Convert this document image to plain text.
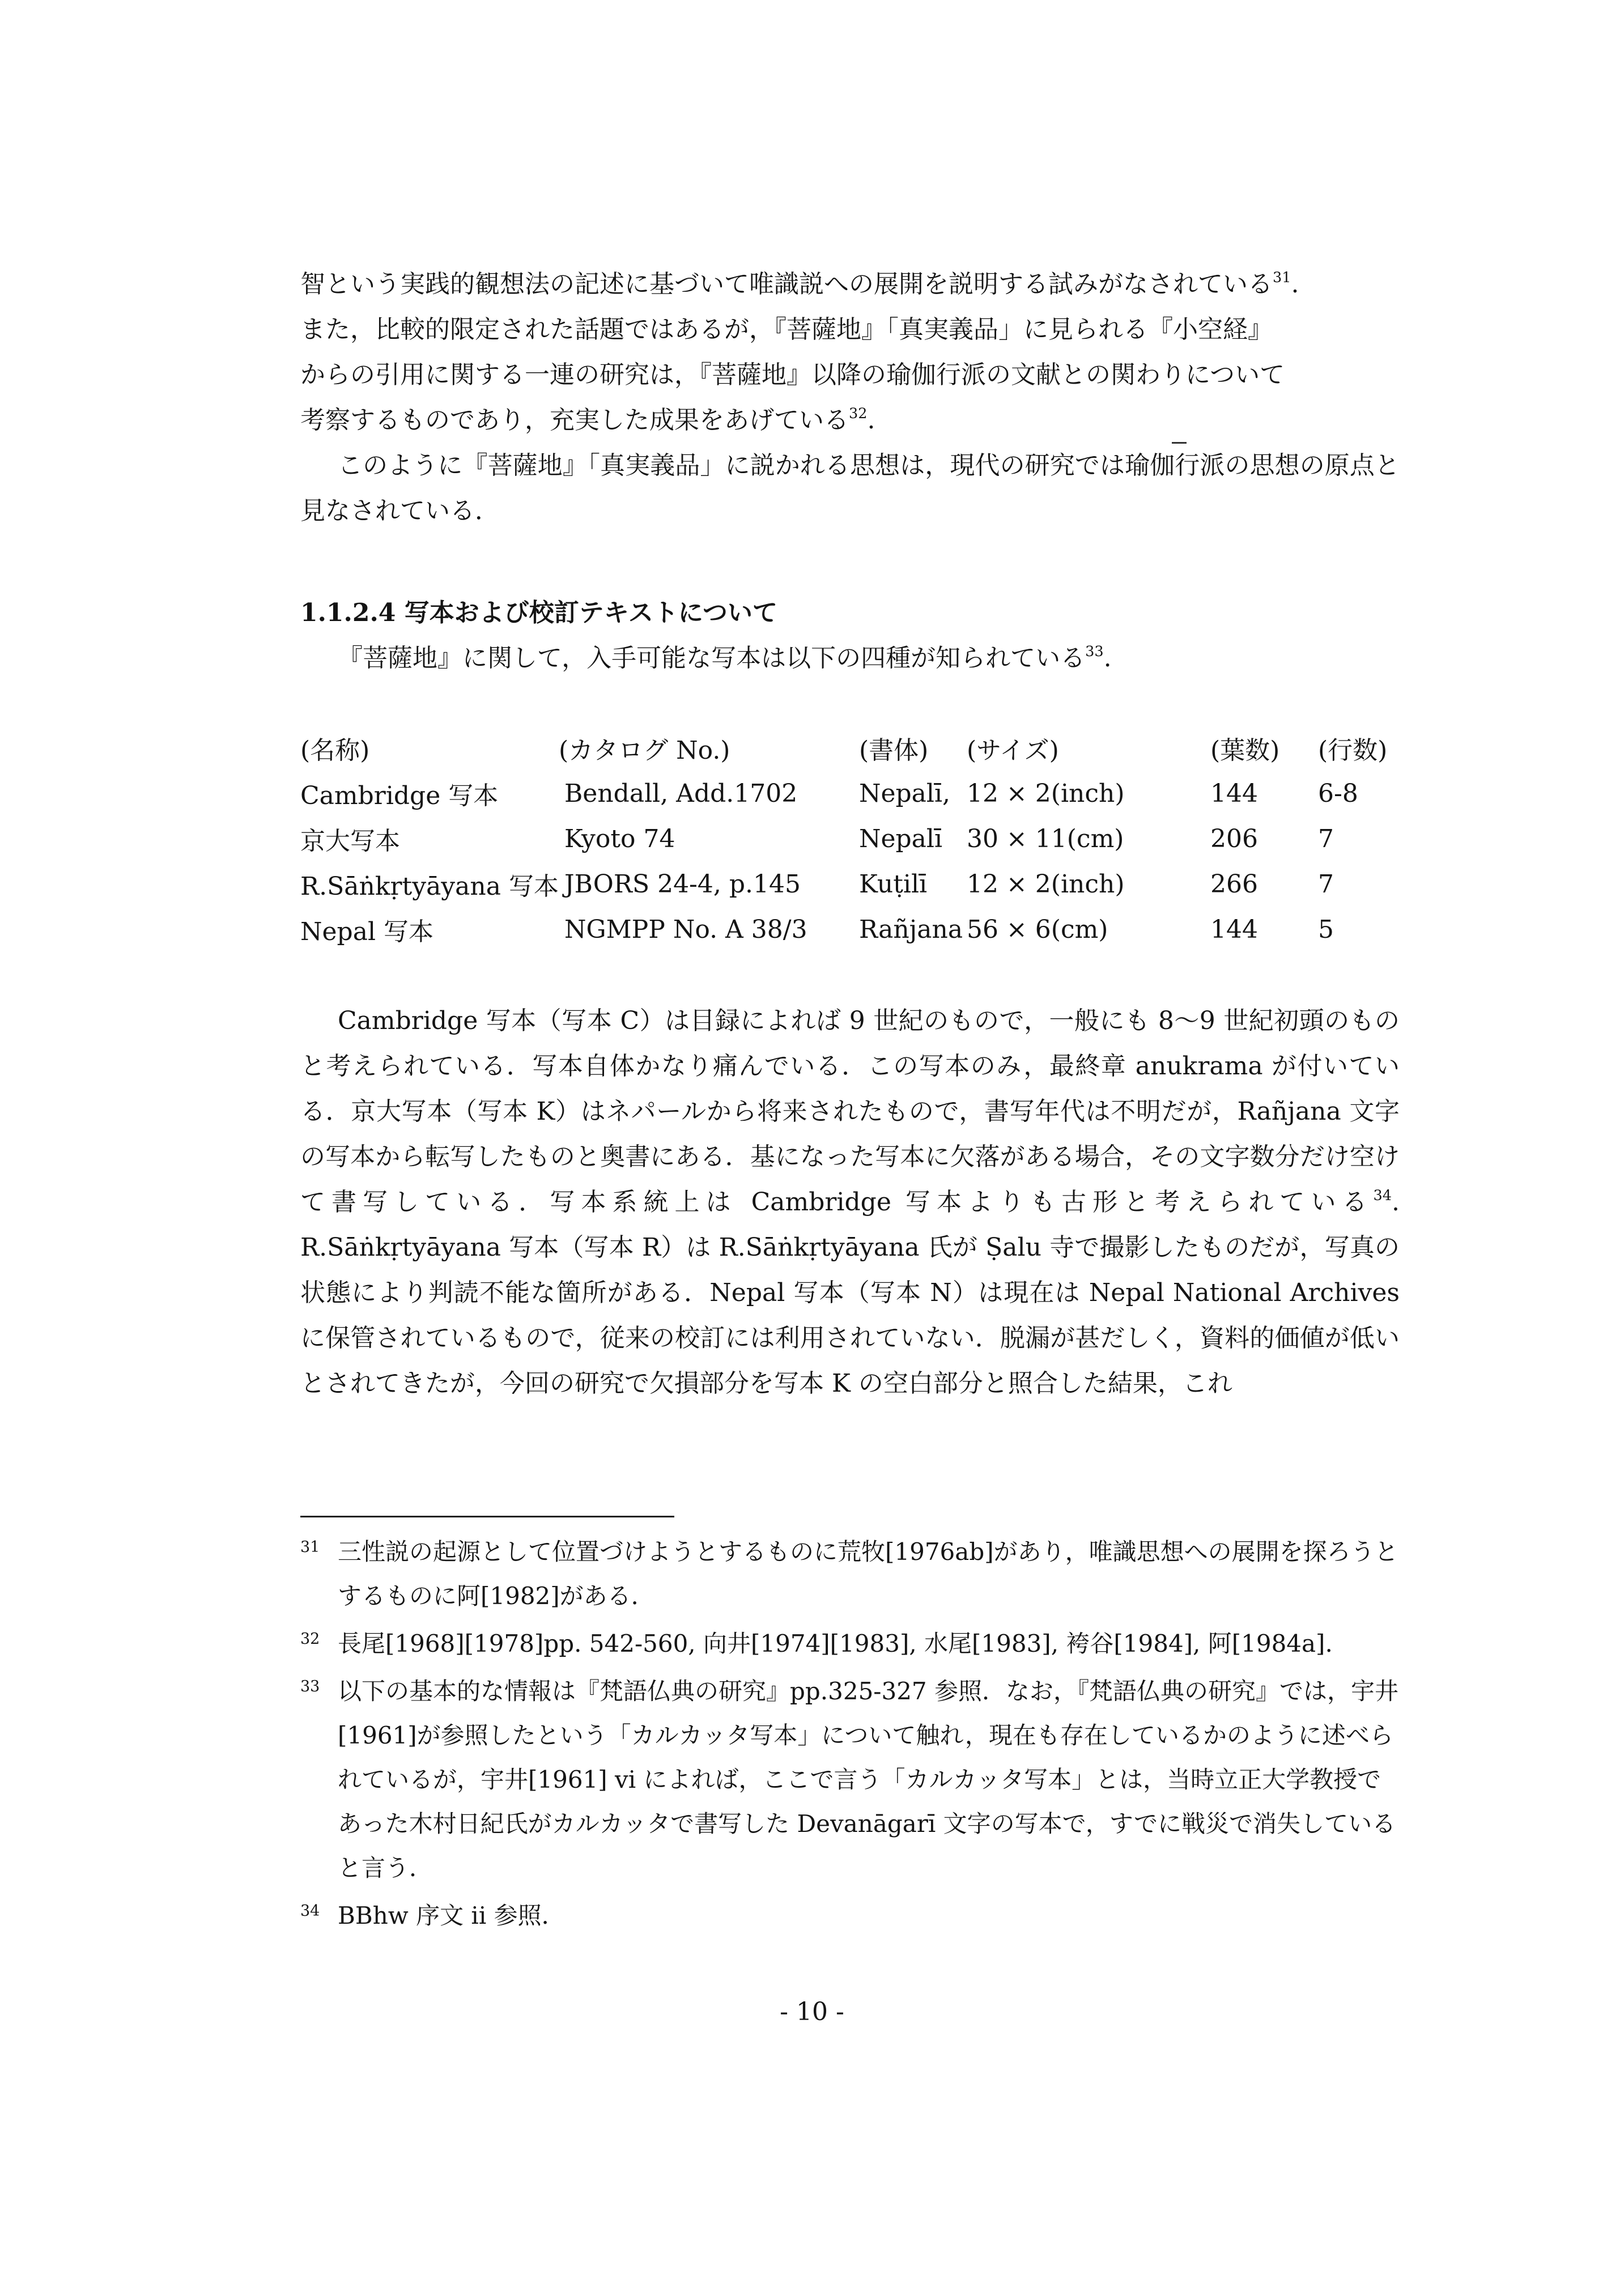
智という実践的観想法の記述に基づいて唯識説への展開を説明する試みがなされている$^{31}$.

また，比較的限定された話題ではあるが，『菩薩地』「真実義品」に見られる『小空経』

からの引用に関する一連の研究は，『菩薩地』以降の瑜伽行派の文献との関わりについて

考察するものであり，充実した成果をあげている$^{32}$.

このように『菩薩地』「真実義品」に説かれる思想は，現代の研究では瑜伽行派の思想の原点と見なされている．

1.1.2.4 写本および校訂テキストについて

『菩薩地』に関して，入手可能な写本は以下の四種が知られている$^{33}$.

(名称)	(カタログ No.)	(書体)	(サイズ)	(葉数)	(行数)
Cambridge 写本	Bendall, Add.1702	Nepalī,	12 × 2(inch)	144	6-8
京大写本	Kyoto 74	Nepalī	30 × 11(cm)	206	7
R.Sāṅkṛtyāyana 写本	JBORS 24-4, p.145	Kuṭilī	12 × 2(inch)	266	7
Nepal 写本	NGMPP No. A 38/3	Rañjana	56 × 6(cm)	144	5

Cambridge 写本（写本 C）は目録によれば 9 世紀のもので，一般にも 8〜9 世紀初頭のものと考えられている．写本自体かなり痛んでいる．この写本のみ，最終章 anukrama が付いている．京大写本（写本 K）はネパールから将来されたもので，書写年代は不明だが，Rañjana 文字の写本から転写したものと奥書にある．基になった写本に欠落がある場合，その文字数分だけ空けて書写している．写本系統上は Cambridge 写本よりも古形と考えられている$^{34}$. R.Sāṅkṛtyāyana 写本（写本 R）は R.Sāṅkṛtyāyana 氏が Ṣalu 寺で撮影したものだが，写真の状態により判読不能な箇所がある．Nepal 写本（写本 N）は現在は Nepal National Archives に保管されているもので，従来の校訂には利用されていない．脱漏が甚だしく，資料的価値が低いとされてきたが，今回の研究で欠損部分を写本 K の空白部分と照合した結果，これ

31 三性説の起源として位置づけようとするものに荒牧[1976ab]があり，唯識思想への展開を探ろうとするものに阿[1982]がある．

32 長尾[1968][1978]pp. 542-560, 向井[1974][1983], 水尾[1983], 袴谷[1984], 阿[1984a].

33 以下の基本的な情報は『梵語仏典の研究』pp.325-327 参照．なお，『梵語仏典の研究』では，宇井[1961]が参照したという「カルカッタ写本」について触れ，現在も存在しているかのように述べられているが，宇井[1961] vi によれば，ここで言う「カルカッタ写本」とは，当時立正大学教授であった木村日紀氏がカルカッタで書写した Devanāgarī 文字の写本で，すでに戦災で消失していると言う．

34 BBhw 序文 ii 参照．

- 10 -
